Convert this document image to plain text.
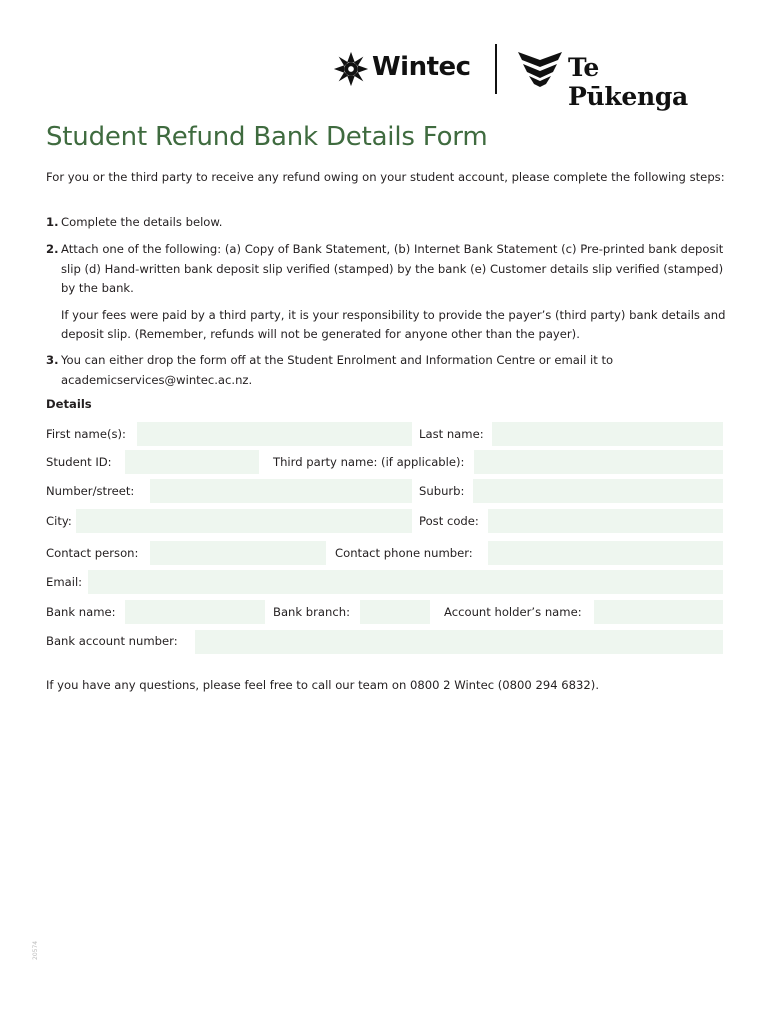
Wintec	Te Pūkenga
Student Refund Bank Details Form
For you or the third party to receive any refund owing on your student account, please complete the following steps:
1. Complete the details below.
2. Attach one of the following: (a) Copy of Bank Statement, (b) Internet Bank Statement (c) Pre-printed bank deposit slip (d) Hand-written bank deposit slip verified (stamped) by the bank (e) Customer details slip verified (stamped) by the bank.
If your fees were paid by a third party, it is your responsibility to provide the payer’s (third party) bank details and deposit slip. (Remember, refunds will not be generated for anyone other than the payer).
3. You can either drop the form off at the Student Enrolment and Information Centre or email it to academicservices@wintec.ac.nz.
Details
First name(s):	Last name:
Student ID:	Third party name: (if applicable):
Number/street:	Suburb:
City:	Post code:
Contact person:	Contact phone number:
Email:
Bank name:	Bank branch:	Account holder’s name:
Bank account number:
If you have any questions, please feel free to call our team on 0800 2 Wintec (0800 294 6832).
20574
